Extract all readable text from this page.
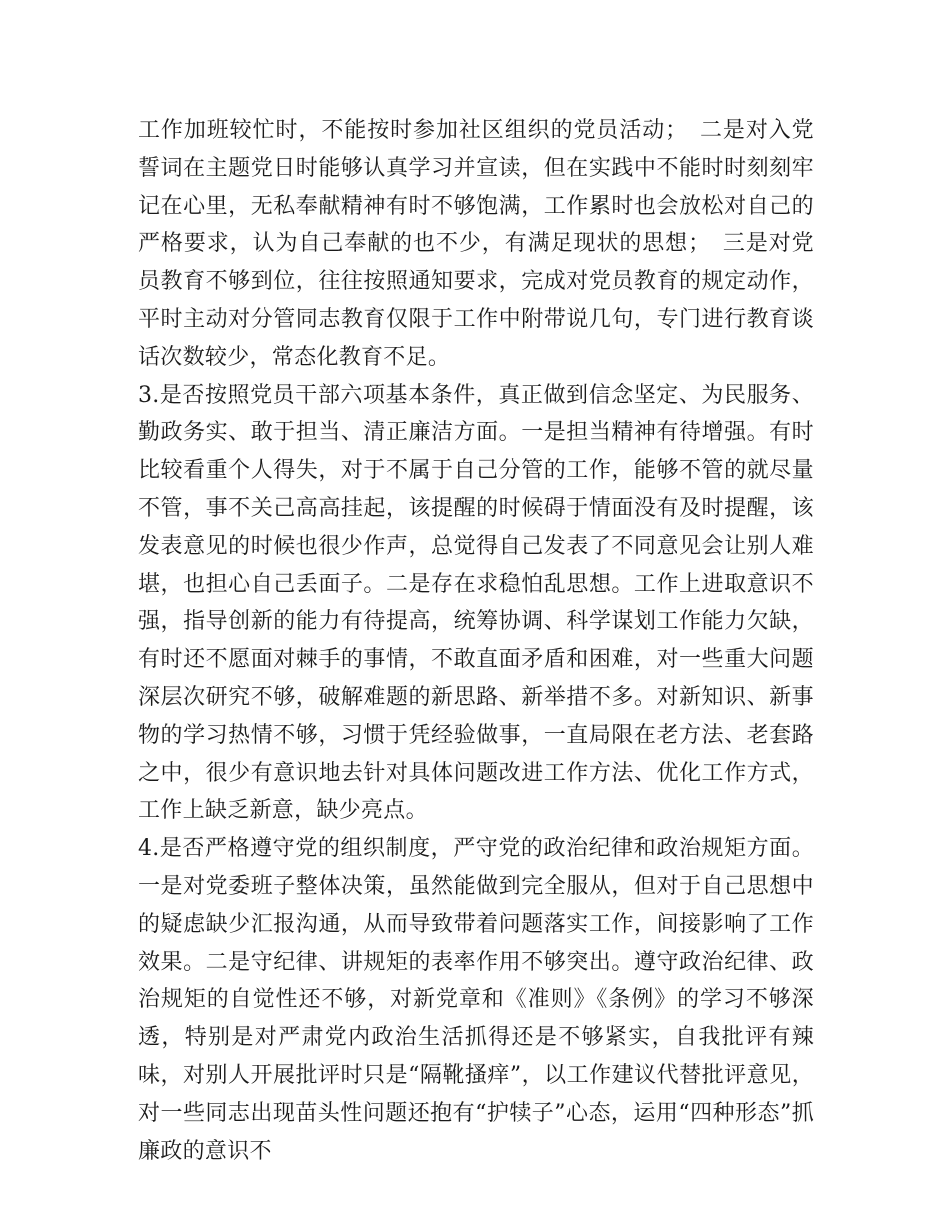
工作加班较忙时，不能按时参加社区组织的党员活动；　二是对入党誓词在主题党日时能够认真学习并宣读，但在实践中不能时时刻刻牢记在心里，无私奉献精神有时不够饱满，工作累时也会放松对自己的严格要求，认为自己奉献的也不少，有满足现状的思想；　三是对党员教育不够到位，往往按照通知要求，完成对党员教育的规定动作，平时主动对分管同志教育仅限于工作中附带说几句，专门进行教育谈话次数较少，常态化教育不足。

3.是否按照党员干部六项基本条件，真正做到信念坚定、为民服务、勤政务实、敢于担当、清正廉洁方面。一是担当精神有待增强。有时比较看重个人得失，对于不属于自己分管的工作，能够不管的就尽量不管，事不关己高高挂起，该提醒的时候碍于情面没有及时提醒，该发表意见的时候也很少作声，总觉得自己发表了不同意见会让别人难堪，也担心自己丢面子。二是存在求稳怕乱思想。工作上进取意识不强，指导创新的能力有待提高，统筹协调、科学谋划工作能力欠缺，有时还不愿面对棘手的事情，不敢直面矛盾和困难，对一些重大问题深层次研究不够，破解难题的新思路、新举措不多。对新知识、新事物的学习热情不够，习惯于凭经验做事，一直局限在老方法、老套路之中，很少有意识地去针对具体问题改进工作方法、优化工作方式，工作上缺乏新意，缺少亮点。

4.是否严格遵守党的组织制度，严守党的政治纪律和政治规矩方面。一是对党委班子整体决策，虽然能做到完全服从，但对于自己思想中的疑虑缺少汇报沟通，从而导致带着问题落实工作，间接影响了工作效果。二是守纪律、讲规矩的表率作用不够突出。遵守政治纪律、政治规矩的自觉性还不够，对新党章和《准则》《条例》的学习不够深透，特别是对严肃党内政治生活抓得还是不够紧实，自我批评有辣味，对别人开展批评时只是“隔靴搔痒”，以工作建议代替批评意见，对一些同志出现苗头性问题还抱有“护犊子”心态，运用“四种形态”抓廉政的意识不
